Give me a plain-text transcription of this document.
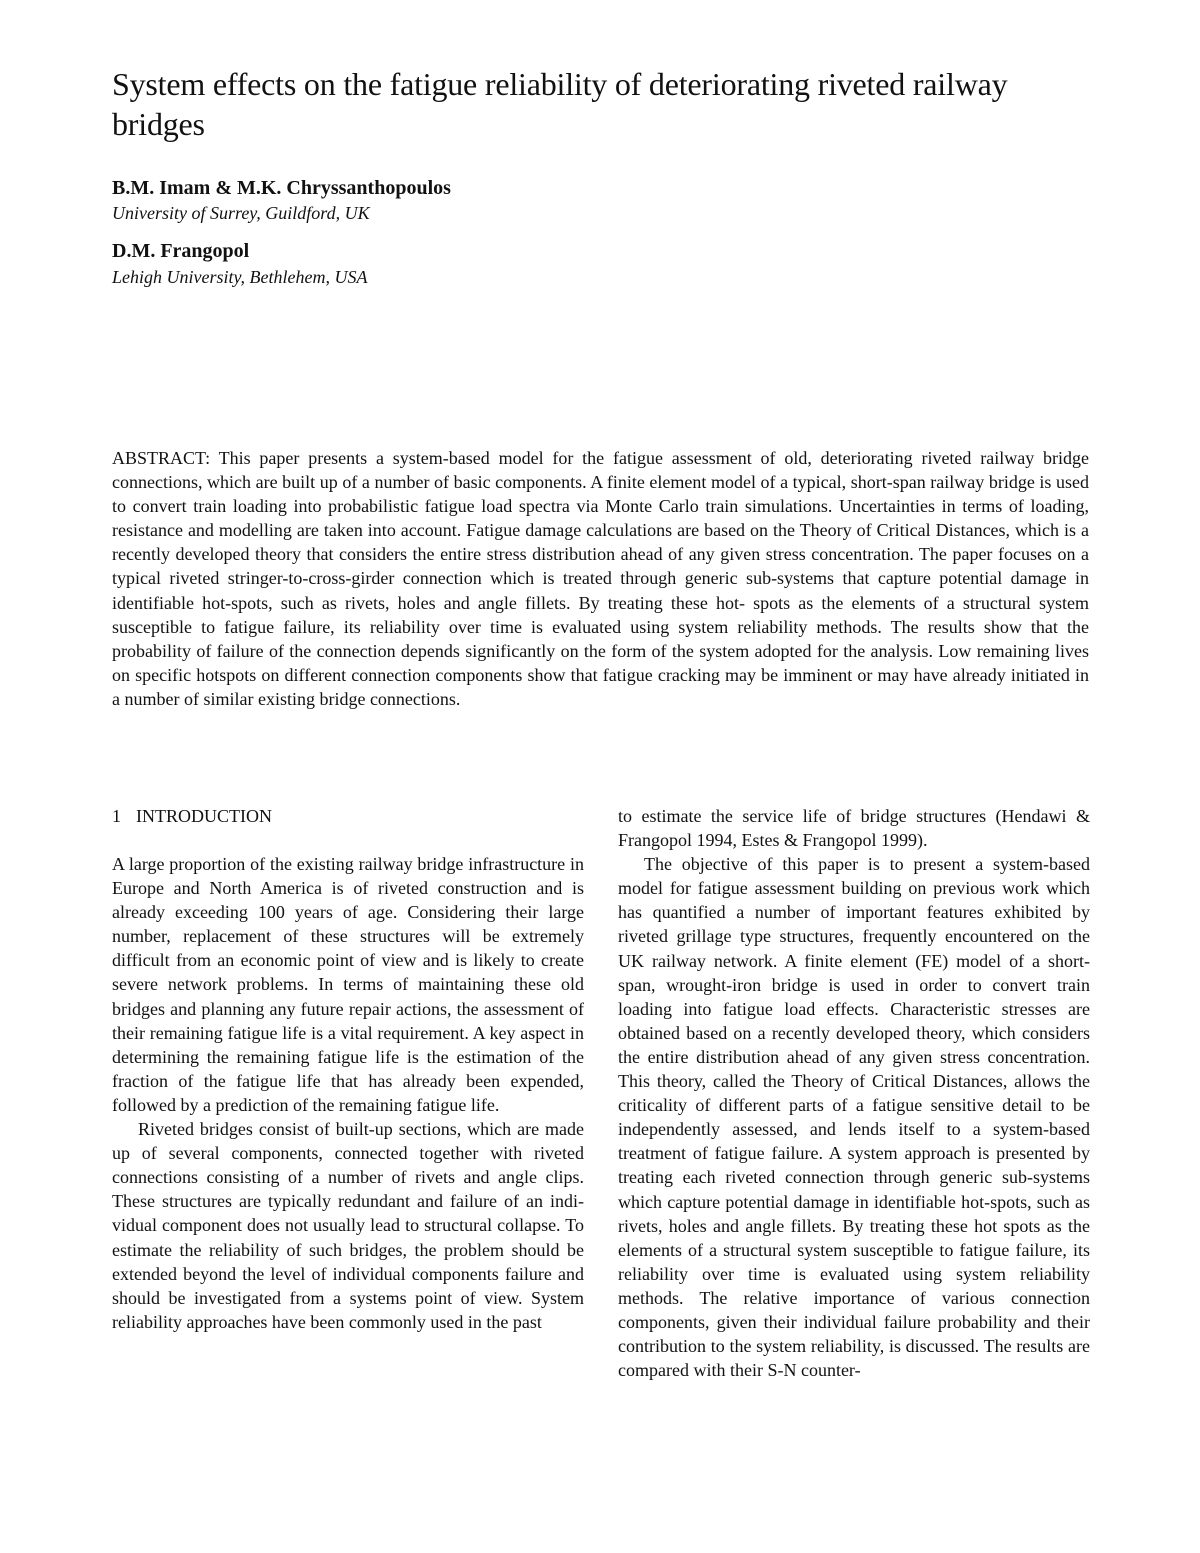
System effects on the fatigue reliability of deteriorating riveted railway bridges

B.M. Imam & M.K. Chryssanthopoulos

University of Surrey, Guildford, UK

D.M. Frangopol

Lehigh University, Bethlehem, USA

ABSTRACT: This paper presents a system-based model for the fatigue assessment of old, deteriorating riveted railway bridge connections, which are built up of a number of basic components. A finite element model of a typical, short-span railway bridge is used to convert train loading into probabilistic fatigue load spectra via Monte Carlo train simulations. Uncertainties in terms of loading, resistance and modelling are taken into account. Fatigue damage calculations are based on the Theory of Critical Distances, which is a recently developed theory that considers the entire stress distribution ahead of any given stress concentration. The paper focuses on a typical riveted stringer-to-cross-girder connection which is treated through generic sub-systems that capture potential damage in identifiable hot-spots, such as rivets, holes and angle fillets. By treating these hot- spots as the elements of a structural system susceptible to fatigue failure, its reliability over time is evaluated using system reliability methods. The results show that the probability of failure of the connection depends significantly on the form of the system adopted for the analysis. Low remaining lives on specific hotspots on different connection components show that fatigue cracking may be imminent or may have already initiated in a number of similar existing bridge connections.

1 INTRODUCTION

A large proportion of the existing railway bridge infrastructure in Europe and North America is of riveted construction and is already exceeding 100 years of age. Considering their large number, replacement of these structures will be extremely difficult from an economic point of view and is likely to create severe network problems. In terms of maintaining these old bridges and planning any future repair actions, the assessment of their remaining fatigue life is a vital requirement. A key aspect in determining the remaining fatigue life is the estimation of the fraction of the fatigue life that has already been expended, followed by a prediction of the remaining fatigue life.

Riveted bridges consist of built-up sections, which are made up of several components, connected together with riveted connections consisting of a number of rivets and angle clips. These structures are typically redundant and failure of an individual component does not usually lead to structural collapse. To estimate the reliability of such bridges, the problem should be extended beyond the level of individual components failure and should be investigated from a systems point of view. System reliability approaches have been commonly used in the past

to estimate the service life of bridge structures (Hendawi & Frangopol 1994, Estes & Frangopol 1999).

The objective of this paper is to present a system-based model for fatigue assessment building on previous work which has quantified a number of important features exhibited by riveted grillage type structures, frequently encountered on the UK railway network. A finite element (FE) model of a short-span, wrought-iron bridge is used in order to convert train loading into fatigue load effects. Characteristic stresses are obtained based on a recently developed theory, which considers the entire distribution ahead of any given stress concentration. This theory, called the Theory of Critical Distances, allows the criticality of different parts of a fatigue sensitive detail to be independently assessed, and lends itself to a system-based treatment of fatigue failure. A system approach is presented by treating each riveted connection through generic sub-systems which capture potential damage in identifiable hot-spots, such as rivets, holes and angle fillets. By treating these hot spots as the elements of a structural system susceptible to fatigue failure, its reliability over time is evaluated using system reliability methods. The relative importance of various connection components, given their individual failure probability and their contribution to the system reliability, is discussed. The results are compared with their S-N counter-
